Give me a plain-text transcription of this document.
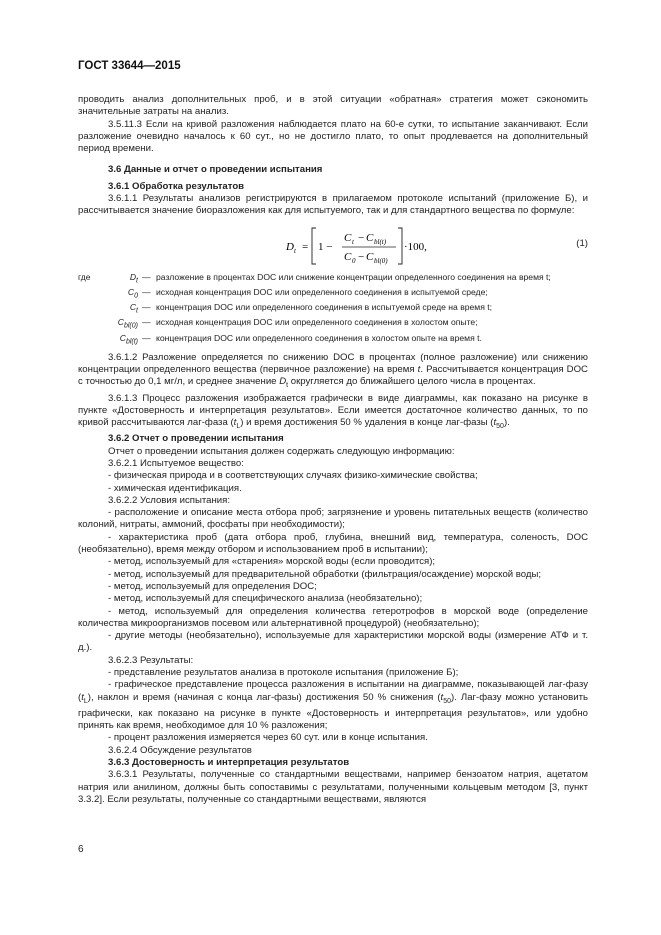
ГОСТ 33644—2015

проводить анализ дополнительных проб, и в этой ситуации «обратная» стратегия может сэкономить значительные затраты на анализ.

3.5.11.3 Если на кривой разложения наблюдается плато на 60-е сутки, то испытание заканчивают. Если разложение очевидно началось к 60 сут., но не достигло плато, то опыт продлевается на дополнительный период времени.

3.6 Данные и отчет о проведении испытания

3.6.1 Обработка результатов

3.6.1.1 Результаты анализов регистрируются в прилагаемом протоколе испытаний (приложение Б), и рассчитывается значение биоразложения как для испытуемого, так и для стандартного вещества по формуле:

D t = 1 −
C t − C bl(t)
C 0 − C bl(0)
·100,	(1)
где	$D_t$ — разложение в процентах DOC или снижение концентрации определенного соединения на время t;
$C_0$ — исходная концентрация DOC или определенного соединения в испытуемой среде;
$C_t$ — концентрация DOC или определенного соединения в испытуемой среде на время t;
$C_{bl(0)}$ — исходная концентрация DOC или определенного соединения в холостом опыте;
$C_{bl(t)}$ — концентрация DOC или определенного соединения в холостом опыте на время t.

3.6.1.2 Разложение определяется по снижению DOC в процентах (полное разложение) или снижению концентрации определенного вещества (первичное разложение) на время t. Рассчитывается концентрация DOC с точностью до 0,1 мг/л, и среднее значение $D_t$ округляется до ближайшего целого числа в процентах.

3.6.1.3 Процесс разложения изображается графически в виде диаграммы, как показано на рисунке в пункте «Достоверность и интерпретация результатов». Если имеется достаточное количество данных, то по кривой рассчитываются лаг-фаза $(t_L)$ и время достижения 50 % удаления в конце лаг-фазы $(t_{50})$.

3.6.2 Отчет о проведении испытания

Отчет о проведении испытания должен содержать следующую информацию:

3.6.2.1 Испытуемое вещество:

- физическая природа и в соответствующих случаях физико-химические свойства;

- химическая идентификация.

3.6.2.2 Условия испытания:

- расположение и описание места отбора проб; загрязнение и уровень питательных веществ (количество колоний, нитраты, аммоний, фосфаты при необходимости);

- характеристика проб (дата отбора проб, глубина, внешний вид, температура, соленость, DOC (необязательно), время между отбором и использованием проб в испытании);

- метод, используемый для «старения» морской воды (если проводится);

- метод, используемый для предварительной обработки (фильтрация/осаждение) морской воды;

- метод, используемый для определения DOC;

- метод, используемый для специфического анализа (необязательно);

- метод, используемый для определения количества гетеротрофов в морской воде (определение количества микроорганизмов посевом или альтернативной процедурой) (необязательно);

- другие методы (необязательно), используемые для характеристики морской воды (измерение АТФ и т. д.).

3.6.2.3 Результаты:

- представление результатов анализа в протоколе испытания (приложение Б);

- графическое представление процесса разложения в испытании на диаграмме, показывающей лаг-фазу $(t_L)$, наклон и время (начиная с конца лаг-фазы) достижения 50 % снижения $(t_{50})$. Лаг-фазу можно установить графически, как показано на рисунке в пункте «Достоверность и интерпретация результатов», или удобно принять как время, необходимое для 10 % разложения;

- процент разложения измеряется через 60 сут. или в конце испытания.

3.6.2.4 Обсуждение результатов

3.6.3 Достоверность и интерпретация результатов

3.6.3.1 Результаты, полученные со стандартными веществами, например бензоатом натрия, ацетатом натрия или анилином, должны быть сопоставимы с результатами, полученными кольцевым методом [3, пункт 3.3.2]. Если результаты, полученные со стандартными веществами, являются

6
